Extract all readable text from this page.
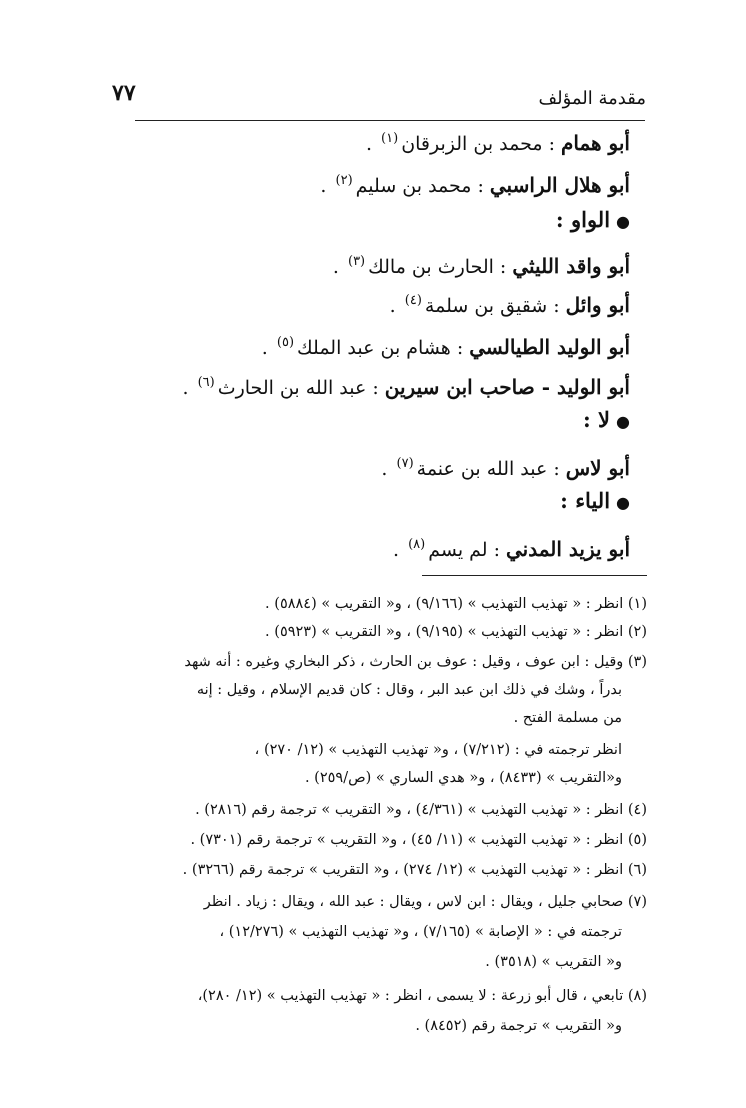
مقدمة المؤلف
٧٧
أبو همام:محمد بن الزبرقان$^{(١)}$ .
أبو هلال الراسبي:محمد بن سليم$^{(٢)}$ .
●الواو :
أبو واقد الليثي:الحارث بن مالك$^{(٣)}$ .
أبو وائل:شقيق بن سلمة$^{(٤)}$ .
أبو الوليد الطيالسي:هشام بن عبد الملك$^{(٥)}$ .
أبو الوليد - صاحب ابن سيرين:عبد الله بن الحارث$^{(٦)}$ .
●لا :
أبو لاس:عبد الله بن عنمة$^{(٧)}$ .
●الياء :
أبو يزيد المدني:لم يسم$^{(٨)}$ .
(١) انظر : « تهذيب التهذيب » (٩/١٦٦) ، و« التقريب » (٥٨٨٤) .
(٢) انظر : « تهذيب التهذيب » (٩/١٩٥) ، و« التقريب » (٥٩٢٣) .
(٣) وقيل : ابن عوف ، وقيل : عوف بن الحارث ، ذكر البخاري وغيره : أنه شهد
بدراً ، وشك في ذلك ابن عبد البر ، وقال : كان قديم الإسلام ، وقيل : إنه
من مسلمة الفتح .
انظر ترجمته في : (٧/٢١٢) ، و« تهذيب التهذيب » (١٢/ ٢٧٠) ،
و«التقريب » (٨٤٣٣) ، و« هدي الساري » (ص/٢٥٩) .
(٤) انظر : « تهذيب التهذيب » (٤/٣٦١) ، و« التقريب » ترجمة رقم (٢٨١٦) .
(٥) انظر : « تهذيب التهذيب » (١١/ ٤٥) ، و« التقريب » ترجمة رقم (٧٣٠١) .
(٦) انظر : « تهذيب التهذيب » (١٢/ ٢٧٤) ، و« التقريب » ترجمة رقم (٣٢٦٦) .
(٧) صحابي جليل ، ويقال : ابن لاس ، ويقال : عبد الله ، ويقال : زياد . انظر
ترجمته في : « الإصابة » (٧/١٦٥) ، و« تهذيب التهذيب » (١٢/٢٧٦) ،
و« التقريب » (٣٥١٨) .
(٨) تابعي ، قال أبو زرعة : لا يسمى ، انظر : « تهذيب التهذيب » (١٢/ ٢٨٠)،
و« التقريب » ترجمة رقم (٨٤٥٢) .
